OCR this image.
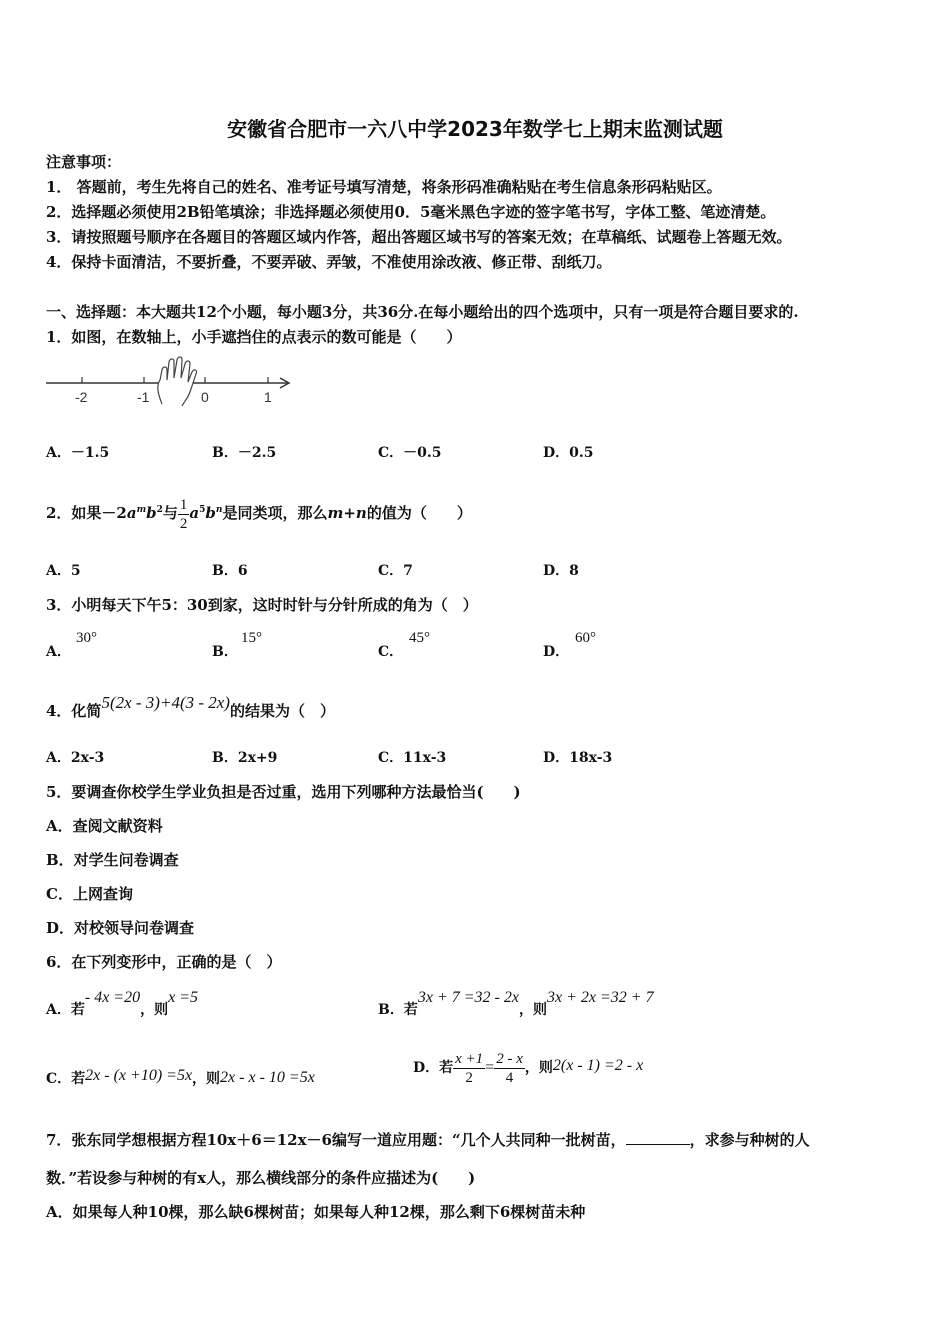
安徽省合肥市一六八中学2023年数学七上期末监测试题
注意事项：
1． 答题前，考生先将自己的姓名、准考证号填写清楚，将条形码准确粘贴在考生信息条形码粘贴区。
2．选择题必须使用2B铅笔填涂；非选择题必须使用0．5毫米黑色字迹的签字笔书写，字体工整、笔迹清楚。
3．请按照题号顺序在各题目的答题区域内作答，超出答题区域书写的答案无效；在草稿纸、试题卷上答题无效。
4．保持卡面清洁，不要折叠，不要弄破、弄皱，不准使用涂改液、修正带、刮纸刀。
一、选择题：本大题共12个小题，每小题3分，共36分.在每小题给出的四个选项中，只有一项是符合题目要求的.
1．如图，在数轴上，小手遮挡住的点表示的数可能是（　　）
-2	-1	0	1
A．－1.5	B．－2.5	C．－0.5	D．0.5
2．如果$-2a^mb^2$与 $\frac{1}{2} a^5b^n$是同类项，那么m+n的值为（　　）
A．5	B．6	C．7	D．8
3．小明每天下午5：30到家，这时时针与分针所成的角为（　）
A．
30°
B．
15°
C．
45°
D．
60°
4．化简5(2x - 3)+4(3 - 2x)的结果为（　）
A．2x-3	B．2x+9	C．11x-3	D．18x-3
5．要调查你校学生学业负担是否过重，选用下列哪种方法最恰当(　　)
A．查阅文献资料
B．对学生问卷调查
C．上网查询
D．对校领导问卷调查
6．在下列变形中，正确的是（　）
A．若- 4x =20，则x =5
B．若3x + 7 =32 - 2x，则3x + 2x =32 + 7
C．若2x - (x +10) =5x，则2x - x - 10 =5x
D．若 $\frac{x +1}{2} = \frac{2 - x}{4}$ ，则2(x - 1) =2 - x
7．张东同学想根据方程10x＋6＝12x－6编写一道应用题：“几个人共同种一批树苗，	，求参与种树的人
数．”若设参与种树的有x人，那么横线部分的条件应描述为(　　)
A．如果每人种10棵，那么缺6棵树苗；如果每人种12棵，那么剩下6棵树苗未种
